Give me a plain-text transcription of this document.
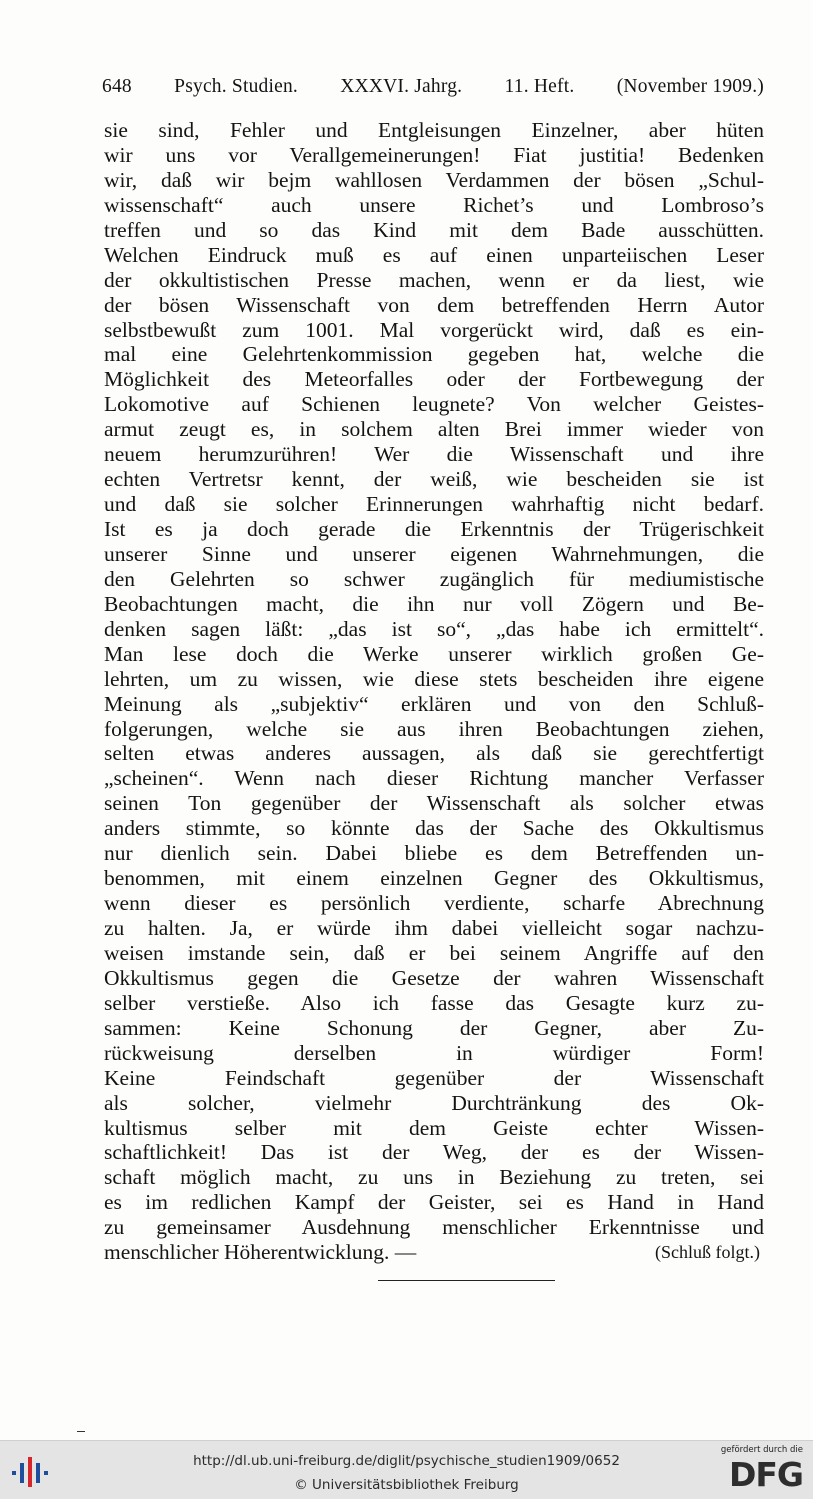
648 Psych. Studien. XXXVI. Jahrg. 11. Heft. (November 1909.)
sie sind, Fehler und Entgleisungen Einzelner, aber hüten
wir uns vor Verallgemeinerungen! Fiat justitia! Bedenken
wir, daß wir bejm wahllosen Verdammen der bösen „Schul-
wissenschaft“ auch unsere Richet’s und Lombroso’s
treffen und so das Kind mit dem Bade ausschütten.
Welchen Eindruck muß es auf einen unparteiischen Leser
der okkultistischen Presse machen, wenn er da liest, wie
der bösen Wissenschaft von dem betreffenden Herrn Autor
selbstbewußt zum 1001. Mal vorgerückt wird, daß es ein-
mal eine Gelehrtenkommission gegeben hat, welche die
Möglichkeit des Meteorfalles oder der Fortbewegung der
Lokomotive auf Schienen leugnete? Von welcher Geistes-
armut zeugt es, in solchem alten Brei immer wieder von
neuem herumzurühren! Wer die Wissenschaft und ihre
echten Vertretsr kennt, der weiß, wie bescheiden sie ist
und daß sie solcher Erinnerungen wahrhaftig nicht bedarf.
Ist es ja doch gerade die Erkenntnis der Trügerischkeit
unserer Sinne und unserer eigenen Wahrnehmungen, die
den Gelehrten so schwer zugänglich für mediumistische
Beobachtungen macht, die ihn nur voll Zögern und Be-
denken sagen läßt: „das ist so“, „das habe ich ermittelt“.
Man lese doch die Werke unserer wirklich großen Ge-
lehrten, um zu wissen, wie diese stets bescheiden ihre eigene
Meinung als „subjektiv“ erklären und von den Schluß-
folgerungen, welche sie aus ihren Beobachtungen ziehen,
selten etwas anderes aussagen, als daß sie gerechtfertigt
„scheinen“. Wenn nach dieser Richtung mancher Verfasser
seinen Ton gegenüber der Wissenschaft als solcher etwas
anders stimmte, so könnte das der Sache des Okkultismus
nur dienlich sein. Dabei bliebe es dem Betreffenden un-
benommen, mit einem einzelnen Gegner des Okkultismus,
wenn dieser es persönlich verdiente, scharfe Abrechnung
zu halten. Ja, er würde ihm dabei vielleicht sogar nachzu-
weisen imstande sein, daß er bei seinem Angriffe auf den
Okkultismus gegen die Gesetze der wahren Wissenschaft
selber verstieße. Also ich fasse das Gesagte kurz zu-
sammen: Keine Schonung der Gegner, aber Zu-
rückweisung derselben in würdiger Form!
Keine Feindschaft gegenüber der Wissenschaft
als solcher, vielmehr Durchtränkung des Ok-
kultismus selber mit dem Geiste echter Wissen-
schaftlichkeit! Das ist der Weg, der es der Wissen-
schaft möglich macht, zu uns in Beziehung zu treten, sei
es im redlichen Kampf der Geister, sei es Hand in Hand
zu gemeinsamer Ausdehnung menschlicher Erkenntnisse und
menschlicher Höherentwicklung. —	(Schluß folgt.)
http://dl.ub.uni-freiburg.de/diglit/psychische_studien1909/0652
© Universitätsbibliothek Freiburg
gefördert durch die
DFG
